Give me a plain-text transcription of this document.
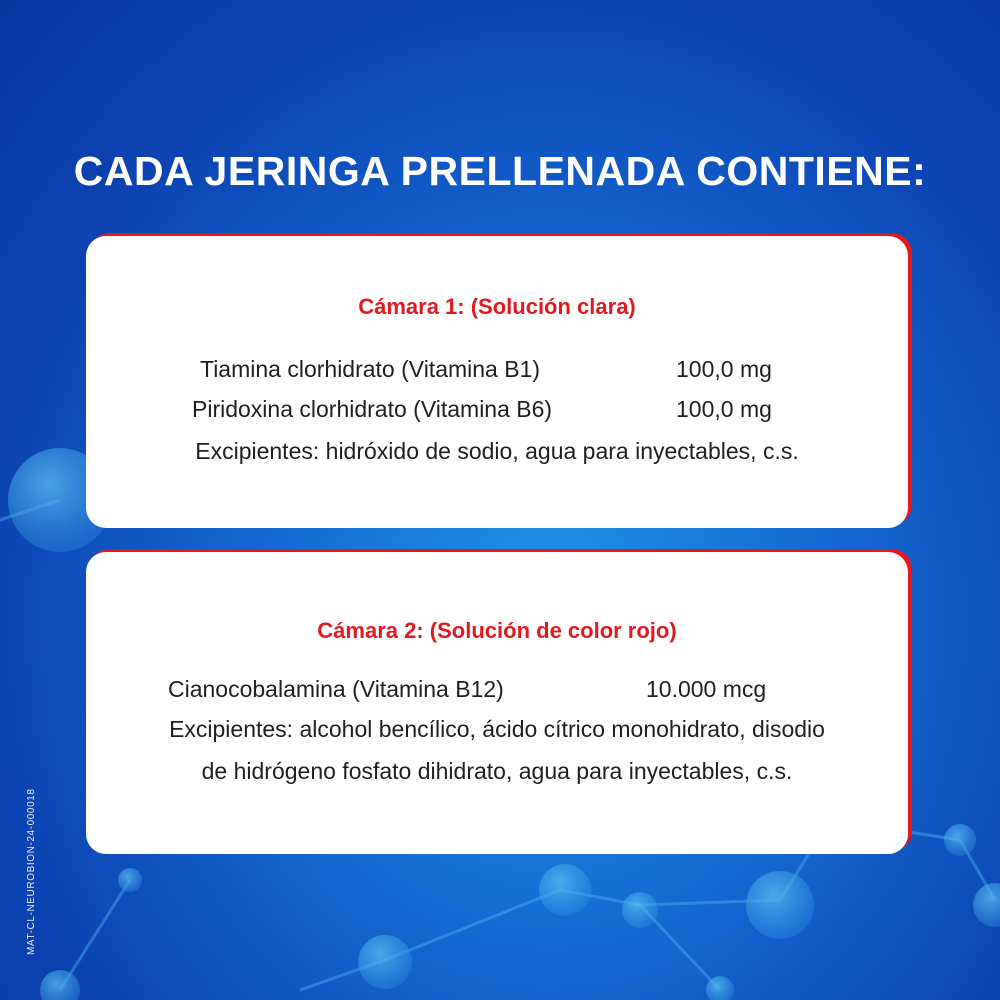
CADA JERINGA PRELLENADA CONTIENE:
Cámara 1: (Solución clara)
Tiamina clorhidrato (Vitamina B1)	100,0 mg
Piridoxina clorhidrato (Vitamina B6)	100,0 mg
Excipientes: hidróxido de sodio, agua para inyectables, c.s.
Cámara 2: (Solución de color rojo)
Cianocobalamina (Vitamina B12)	10.000 mcg
Excipientes: alcohol bencílico, ácido cítrico monohidrato, disodio
de hidrógeno fosfato dihidrato, agua para inyectables, c.s.
MAT-CL-NEUROBION-24-000018
